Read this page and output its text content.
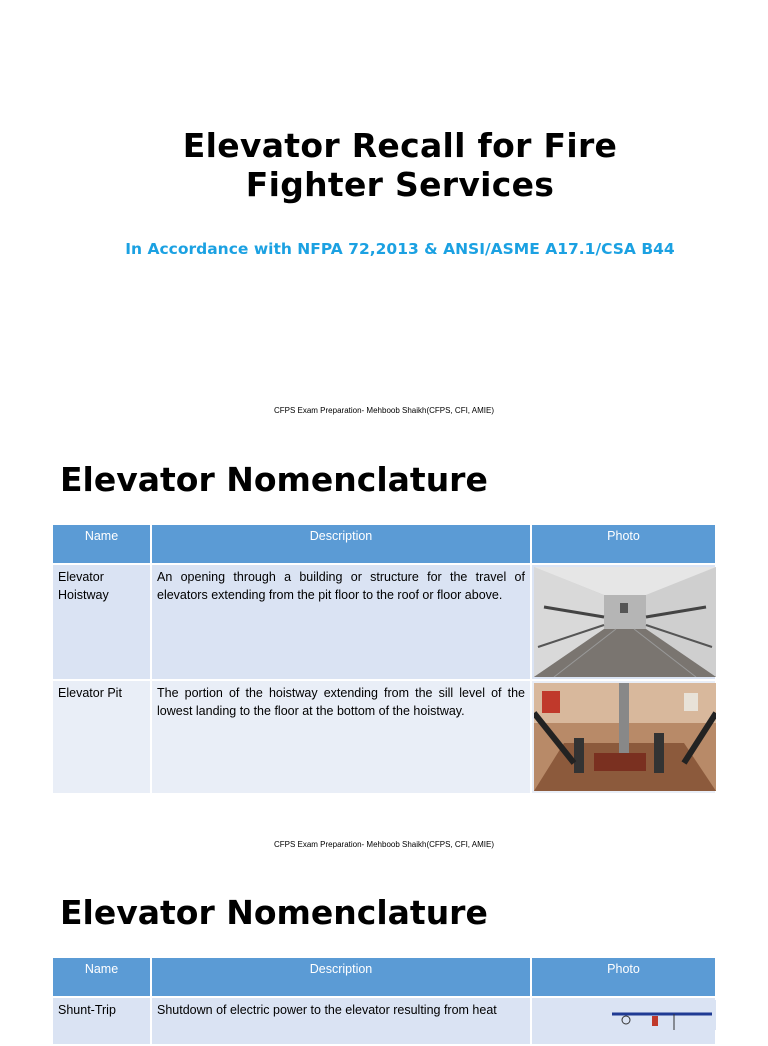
Elevator Recall for Fire
Fighter Services
In Accordance with NFPA 72,2013 & ANSI/ASME A17.1/CSA B44
CFPS Exam Preparation- Mehboob Shaikh(CFPS, CFI, AMIE)
Elevator Nomenclature
Name	Description	Photo
Elevator Hoistway	An opening through a building or structure for the travel of elevators extending from the pit floor to the roof or floor above.	

Elevator Pit	The portion of the hoistway extending from the sill level of the lowest landing to the floor at the bottom of the hoistway.	
CFPS Exam Preparation- Mehboob Shaikh(CFPS, CFI, AMIE)
Elevator Nomenclature
Name	Description	Photo
Shunt-Trip	Shutdown of electric power to the elevator resulting from heat	
